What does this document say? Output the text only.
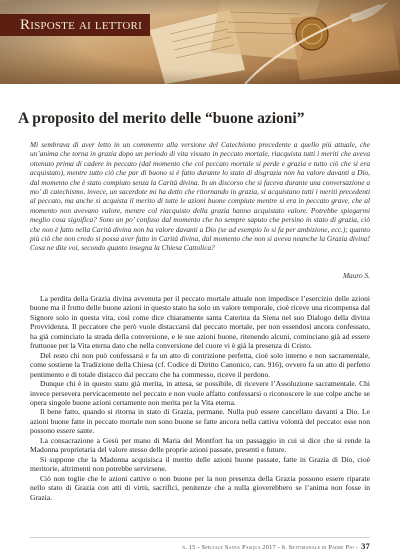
Risposte ai lettori
A proposito del merito delle “buone azioni”

Mi sembrava di aver letto in un commento alla versione del Catechismo precedente a quello più attuale, che un’anima che torna in grazia dopo un periodo di vita vissuto in peccato mortale, riacquista tutti i meriti che aveva ottenuto prima di cadere in peccato (dal momento che col peccato mortale si perde e grazia e tutto ciò che si era acquistato), mentre tutto ciò che pur di buono si è fatto durante lo stato di disgrazia non ha valore davanti a Dio, dal momento che è stato compiuto senza la Carità divina. In un discorso che si faceva durante una conversazione a mo’ di catechismo, invece, un sacerdote mi ha detto che ritornando in grazia, si acquistano tutti i meriti precedenti al peccato, ma anche si acquista il merito di tutte le azioni buone compiute mentre si era in peccato grave, che al momento non avevano valore, mentre col riacquisto della grazia hanno acquistato valore. Potrebbe spiegarmi meglio cosa significa? Sono un po’ confuso dal momento che ho sempre saputo che persino in stato di grazia, ciò che non è fatto nella Carità divina non ha valore davanti a Dio (se ad esempio lo si fa per ambizione, ecc.); quanto più ciò che non credo si possa aver fatto in Carità divina, dal momento che non si aveva neanche la Grazia divina! Cosa ne dite voi, secondo quanto insegna la Chiesa Cattolica?

Mauro S.

La perdita della Grazia divina avvenuta per il peccato mortale attuale non impedisce l’esercizio delle azioni buone ma il frutto delle buone azioni in questo stato ha solo un valore temporale, cioè riceve una ricompensa dal Signore solo in questa vita, così come dice chiaramente santa Caterina da Siena nel suo Dialogo della divina Provvidenza. Il peccatore che però vuole distaccarsi dal peccato mortale, per non essendosi ancora confessato, ha già cominciato la strada della conversione, e le sue azioni buone, ritenendo alcuni, cominciano già ad essere fruttuose per la Vita eterna dato che nella conversione del cuore vi è già la presenza di Cristo.

Del resto chi non può confessarsi e fa un atto di contrizione perfetta, cioè solo interno e non sacramentale, come sostiene la Tradizione della Chiesa (cf. Codice di Diritto Canonico, can. 916), ovvero fa un atto di perfetto pentimento e di totale distacco dal peccato che ha commesso, riceve il perdono.

Dunque chi è in questo stato già merita, in attesa, se possibile, di ricevere l’Assoluzione sacramentale. Chi invece persevera pervicacemente nel peccato e non vuole affatto confessarsi o riconoscere le sue colpe anche se opera singole buone azioni certamente non merita per la Vita eterna.

Il bene fatto, quando si ritorna in stato di Grazia, permane. Nulla può essere cancellato davanti a Dio. Le azioni buone fatte in peccato mortale non sono buone se fatte ancora nella cattiva volontà del peccato: esse non possono essere sante.

La consacrazione a Gesù per mano di Maria del Montfort ha un passaggio in cui si dice che si rende la Madonna proprietaria del valore stesso delle proprie azioni passate, presenti e future.

Si suppone che la Madonna acquisisca il merito delle azioni buone passate, fatte in Grazia di Dio, cioè meritorie, altrimenti non potrebbe servirsene.

Ciò non toglie che le azioni cattive o non buone per la non presenza della Grazia possono essere riparate nello stato di Grazia con atti di virtù, sacrifici, penitenze che a nulla gioverebbero se l’anima non fosse in Grazia.

n. 15 - Speciale Santa Pasqua 2017 - Il Settimanale di Padre Pio - 37
